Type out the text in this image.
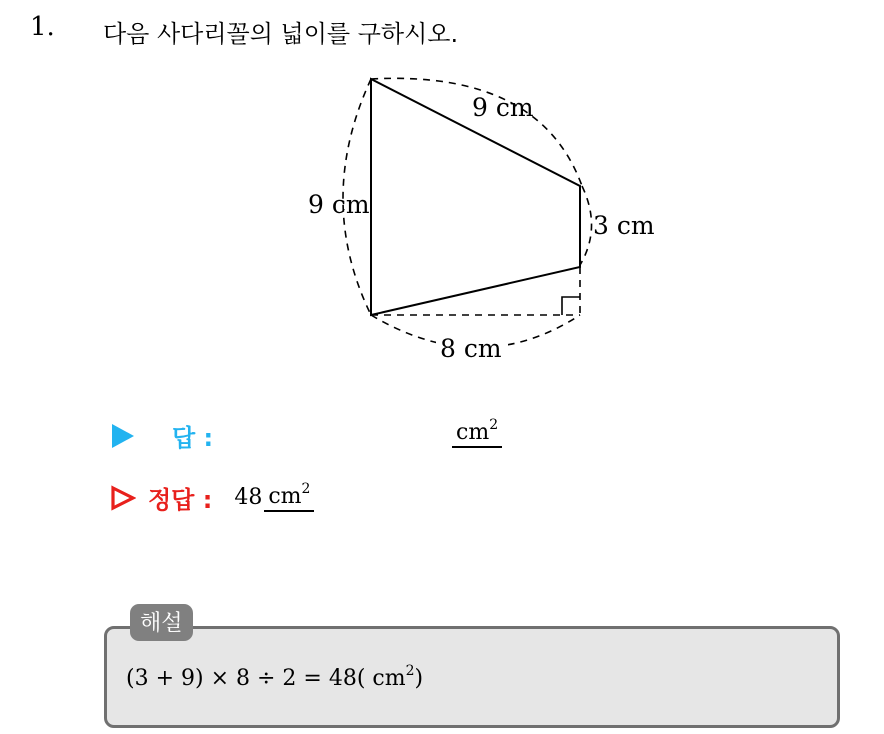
1. 다음 사다리꼴의 넓이를 구하시오.
9 cm
9 cm
3 cm
8 cm
답 :	$cm^2$
정답 : 48 $cm^2$
해설
(3 + 9) × 8 ÷ 2 = 48( $cm^2$)
